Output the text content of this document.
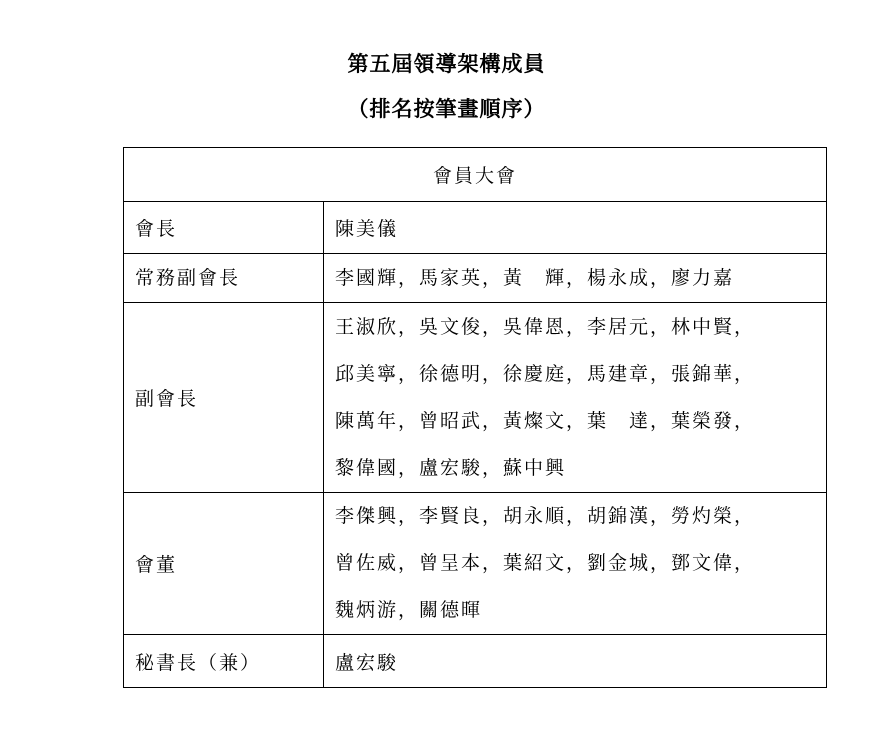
第五屆領導架構成員
（排名按筆畫順序）
會員大會	
會長	陳美儀
常務副會長	李國輝，馬家英，黃　輝，楊永成，廖力嘉
副會長	王淑欣，吳文俊，吳偉恩，李居元，林中賢，
邱美寧，徐德明，徐慶庭，馬建章，張錦華，
陳萬年，曾昭武，黃燦文，葉　達，葉榮發，
黎偉國，盧宏駿，蘇中興

會董	李傑興，李賢良，胡永順，胡錦漢，勞灼榮，
曾佐威，曾呈本，葉紹文，劉金城，鄧文偉，
魏炳游，關德暉

秘書長（兼）	盧宏駿
